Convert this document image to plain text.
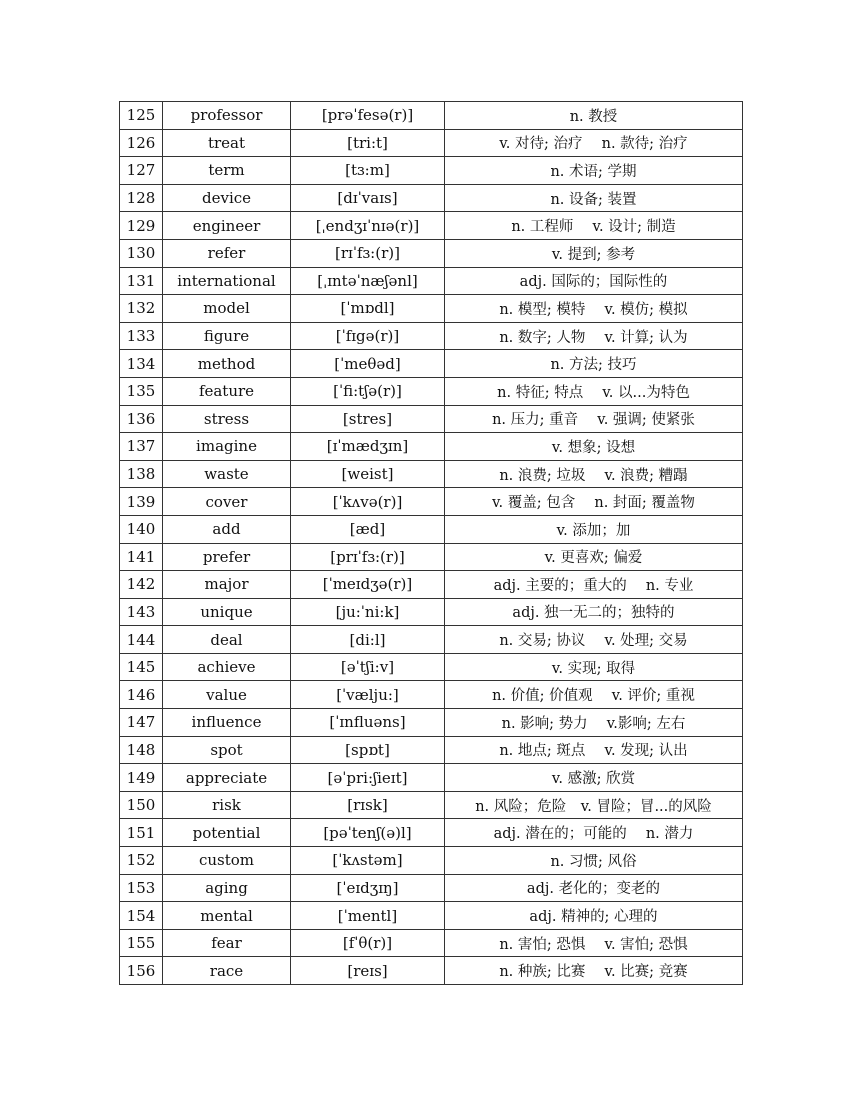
125	professor	[prəˈfesə(r)]	n. 教授
126	treat	[tri:t]	v. 对待; 治疗　 n. 款待; 治疗
127	term	[tɜ:m]	n. 术语; 学期
128	device	[dɪˈvaɪs]	n. 设备; 装置
129	engineer	[ˌendʒɪˈnɪə(r)]	n. 工程师　 v. 设计; 制造
130	refer	[rɪˈfɜ:(r)]	v. 提到; 参考
131	international	[ˌɪntəˈnæʃənl]	adj. 国际的；国际性的
132	model	[ˈmɒdl]	n. 模型; 模特　 v. 模仿; 模拟
133	figure	[ˈfɪgə(r)]	n. 数字; 人物　 v. 计算; 认为
134	method	[ˈmeθəd]	n. 方法; 技巧
135	feature	[ˈfi:tʃə(r)]	n. 特征; 特点　 v. 以...为特色
136	stress	[stres]	n. 压力; 重音　 v. 强调; 使紧张
137	imagine	[ɪˈmædʒɪn]	v. 想象; 设想
138	waste	[weist]	n. 浪费; 垃圾　 v. 浪费; 糟蹋
139	cover	[ˈkʌvə(r)]	v. 覆盖; 包含　 n. 封面; 覆盖物
140	add	[æd]	v. 添加；加
141	prefer	[prɪˈfɜ:(r)]	v. 更喜欢; 偏爱
142	major	[ˈmeɪdʒə(r)]	adj. 主要的；重大的　 n. 专业
143	unique	[ju:ˈni:k]	adj. 独一无二的；独特的
144	deal	[di:l]	n. 交易; 协议　 v. 处理; 交易
145	achieve	[əˈtʃi:v]	v. 实现; 取得
146	value	[ˈvælju:]	n. 价值; 价值观　 v. 评价; 重视
147	influence	[ˈɪnfluəns]	n. 影响; 势力　 v.影响; 左右
148	spot	[spɒt]	n. 地点; 斑点　 v. 发现; 认出
149	appreciate	[əˈpri:ʃieɪt]	v. 感激; 欣赏
150	risk	[rɪsk]	n. 风险；危险　v. 冒险；冒...的风险
151	potential	[pəˈtenʃ(ə)l]	adj. 潜在的；可能的　 n. 潜力
152	custom	[ˈkʌstəm]	n. 习惯; 风俗
153	aging	[ˈeɪdʒɪŋ]	adj. 老化的；变老的
154	mental	[ˈmentl]	adj. 精神的; 心理的
155	fear	[fˈθ(r)]	n. 害怕; 恐惧　 v. 害怕; 恐惧
156	race	[reɪs]	n. 种族; 比赛　 v. 比赛; 竞赛
